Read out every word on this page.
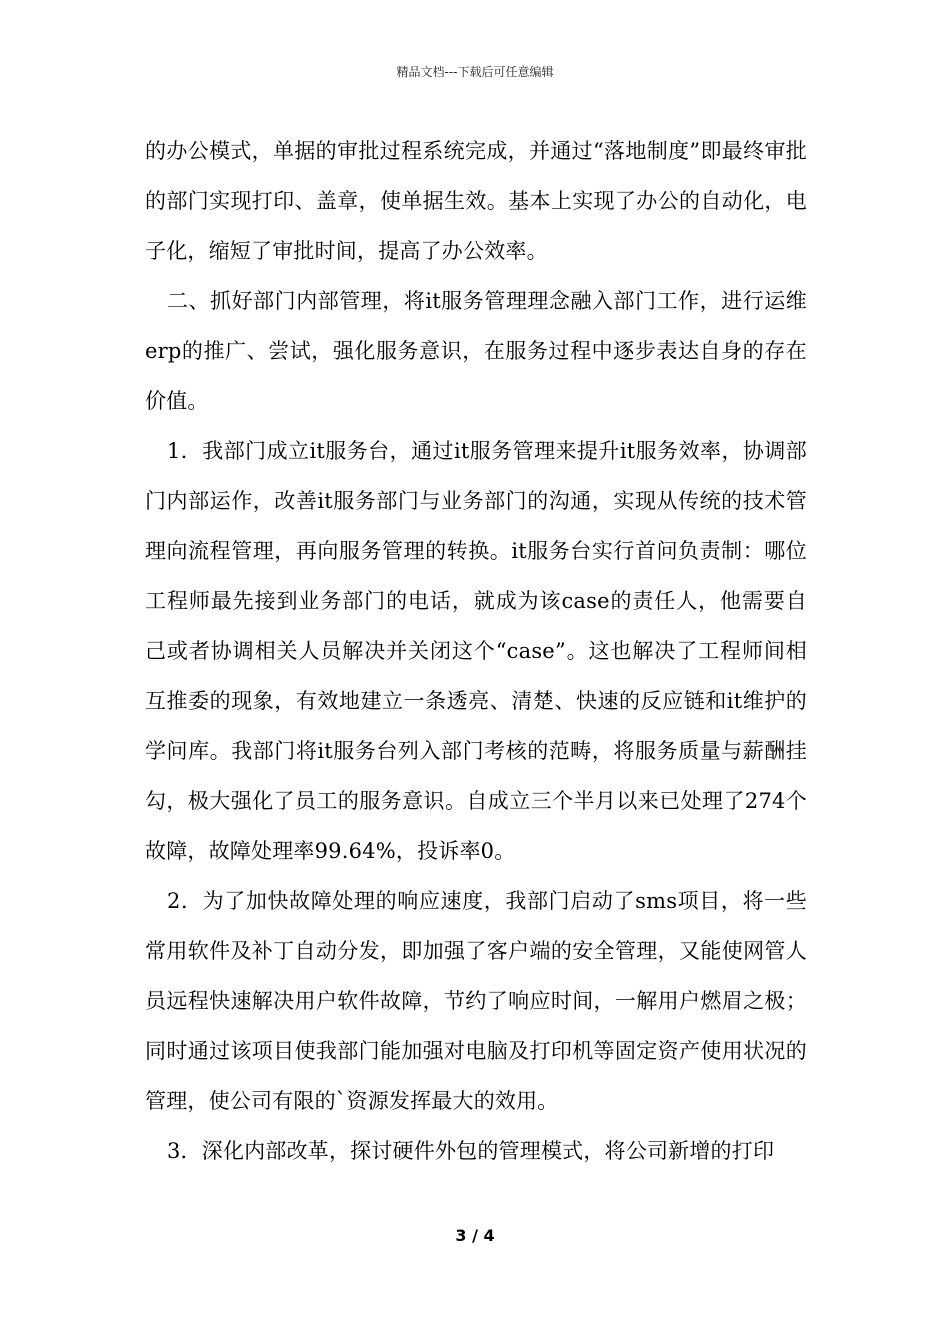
精品文档---下载后可任意编辑

的办公模式，单据的审批过程系统完成，并通过“落地制度”即最终审批的部门实现打印、盖章，使单据生效。基本上实现了办公的自动化，电子化，缩短了审批时间，提高了办公效率。

二、抓好部门内部管理，将it服务管理理念融入部门工作，进行运维erp的推广、尝试，强化服务意识，在服务过程中逐步表达自身的存在价值。

1．我部门成立it服务台，通过it服务管理来提升it服务效率，协调部门内部运作，改善it服务部门与业务部门的沟通，实现从传统的技术管理向流程管理，再向服务管理的转换。it服务台实行首问负责制：哪位工程师最先接到业务部门的电话，就成为该case的责任人，他需要自己或者协调相关人员解决并关闭这个“case”。这也解决了工程师间相互推委的现象，有效地建立一条透亮、清楚、快速的反应链和it维护的学问库。我部门将it服务台列入部门考核的范畴，将服务质量与薪酬挂勾，极大强化了员工的服务意识。自成立三个半月以来已处理了274个故障，故障处理率99.64%，投诉率0。

2．为了加快故障处理的响应速度，我部门启动了sms项目，将一些常用软件及补丁自动分发，即加强了客户端的安全管理，又能使网管人员远程快速解决用户软件故障，节约了响应时间，一解用户燃眉之极；同时通过该项目使我部门能加强对电脑及打印机等固定资产使用状况的管理，使公司有限的`资源发挥最大的效用。

3．深化内部改革，探讨硬件外包的管理模式，将公司新增的打印

3 / 4
